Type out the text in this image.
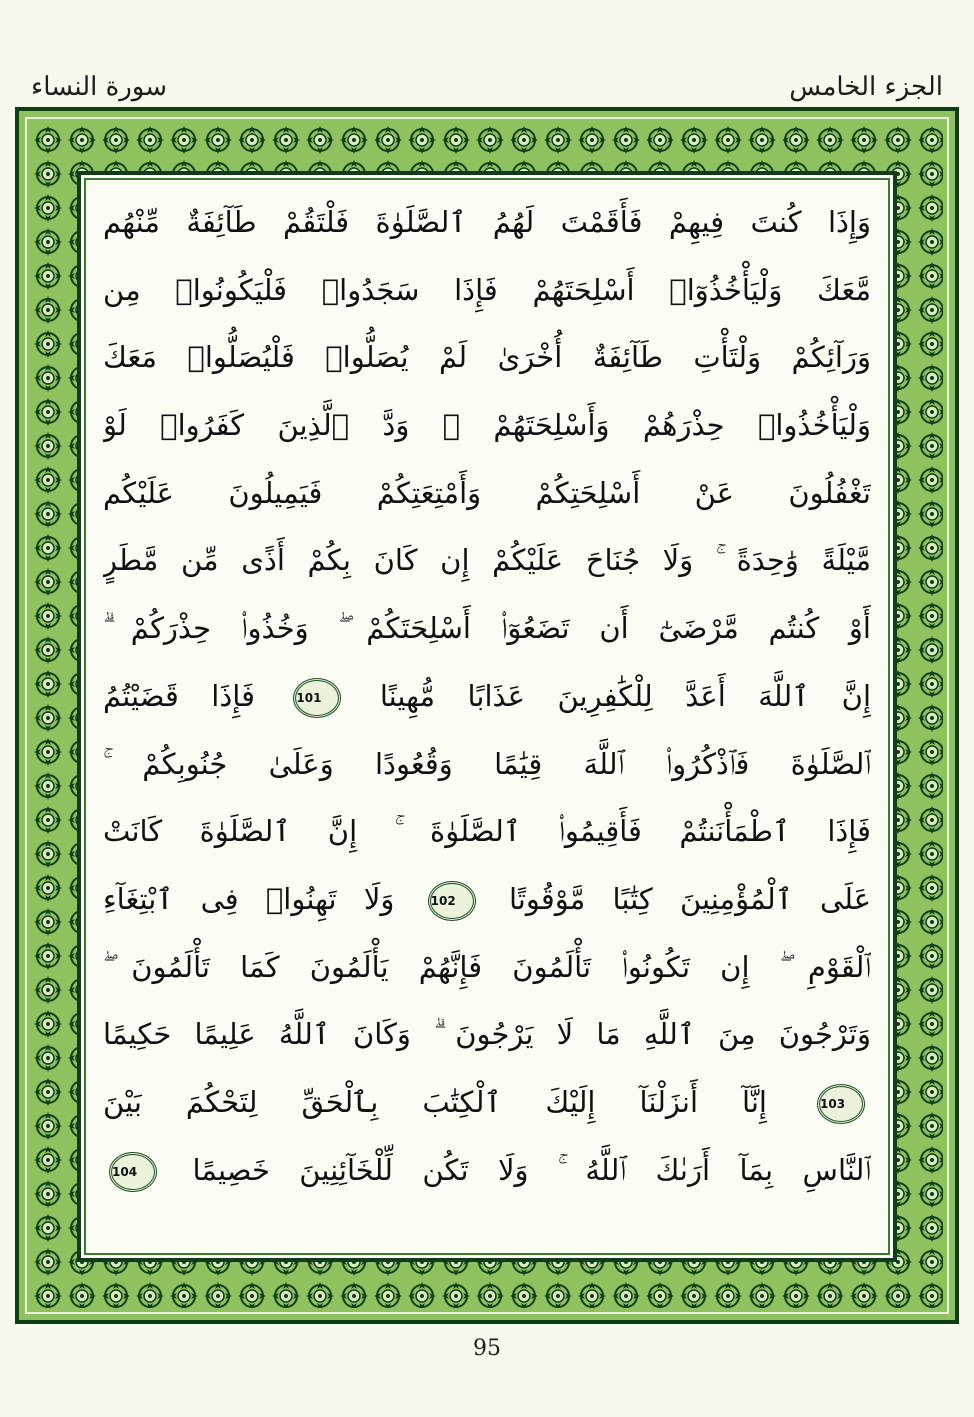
الجزء الخامس
سورة النساء
وَإِذَا كُنتَ فِيهِمْ فَأَقَمْتَ لَهُمُ ٱلصَّلَوٰةَ فَلْتَقُمْ طَآئِفَةٌ مِّنْهُم
مَّعَكَ وَلْيَأْخُذُوٓا۟ أَسْلِحَتَهُمْ فَإِذَا سَجَدُوا۟ فَلْيَكُونُوا۟ مِن
وَرَآئِكُمْ وَلْتَأْتِ طَآئِفَةٌ أُخْرَىٰ لَمْ يُصَلُّوا۟ فَلْيُصَلُّوا۟ مَعَكَ
وَلْيَأْخُذُوا۟ حِذْرَهُمْ وَأَسْلِحَتَهُمْ ۗ وَدَّ ٱلَّذِينَ كَفَرُوا۟ لَوْ
تَغْفُلُونَ عَنْ أَسْلِحَتِكُمْ وَأَمْتِعَتِكُمْ فَيَمِيلُونَ عَلَيْكُم
مَّيْلَةً وَٰحِدَةً ۚ وَلَا جُنَاحَ عَلَيْكُمْ إِن كَانَ بِكُمْ أَذًى مِّن مَّطَرٍ
أَوْ كُنتُم مَّرْضَىٰٓ أَن تَضَعُوٓا۟ أَسْلِحَتَكُمْ ۖ وَخُذُوا۟ حِذْرَكُمْ ۗ
إِنَّ ٱللَّهَ أَعَدَّ لِلْكَٰفِرِينَ عَذَابًا مُّهِينًا 101 فَإِذَا قَضَيْتُمُ
ٱلصَّلَوٰةَ فَٱذْكُرُوا۟ ٱللَّهَ قِيَٰمًا وَقُعُودًا وَعَلَىٰ جُنُوبِكُمْ ۚ
فَإِذَا ٱطْمَأْنَنتُمْ فَأَقِيمُوا۟ ٱلصَّلَوٰةَ ۚ إِنَّ ٱلصَّلَوٰةَ كَانَتْ
عَلَى ٱلْمُؤْمِنِينَ كِتَٰبًا مَّوْقُوتًا 102 وَلَا تَهِنُوا۟ فِى ٱبْتِغَآءِ
ٱلْقَوْمِ ۖ إِن تَكُونُوا۟ تَأْلَمُونَ فَإِنَّهُمْ يَأْلَمُونَ كَمَا تَأْلَمُونَ ۖ
وَتَرْجُونَ مِنَ ٱللَّهِ مَا لَا يَرْجُونَ ۗ وَكَانَ ٱللَّهُ عَلِيمًا حَكِيمًا
103 إِنَّآ أَنزَلْنَآ إِلَيْكَ ٱلْكِتَٰبَ بِٱلْحَقِّ لِتَحْكُمَ بَيْنَ
ٱلنَّاسِ بِمَآ أَرَىٰكَ ٱللَّهُ ۚ وَلَا تَكُن لِّلْخَآئِنِينَ خَصِيمًا 104
95
